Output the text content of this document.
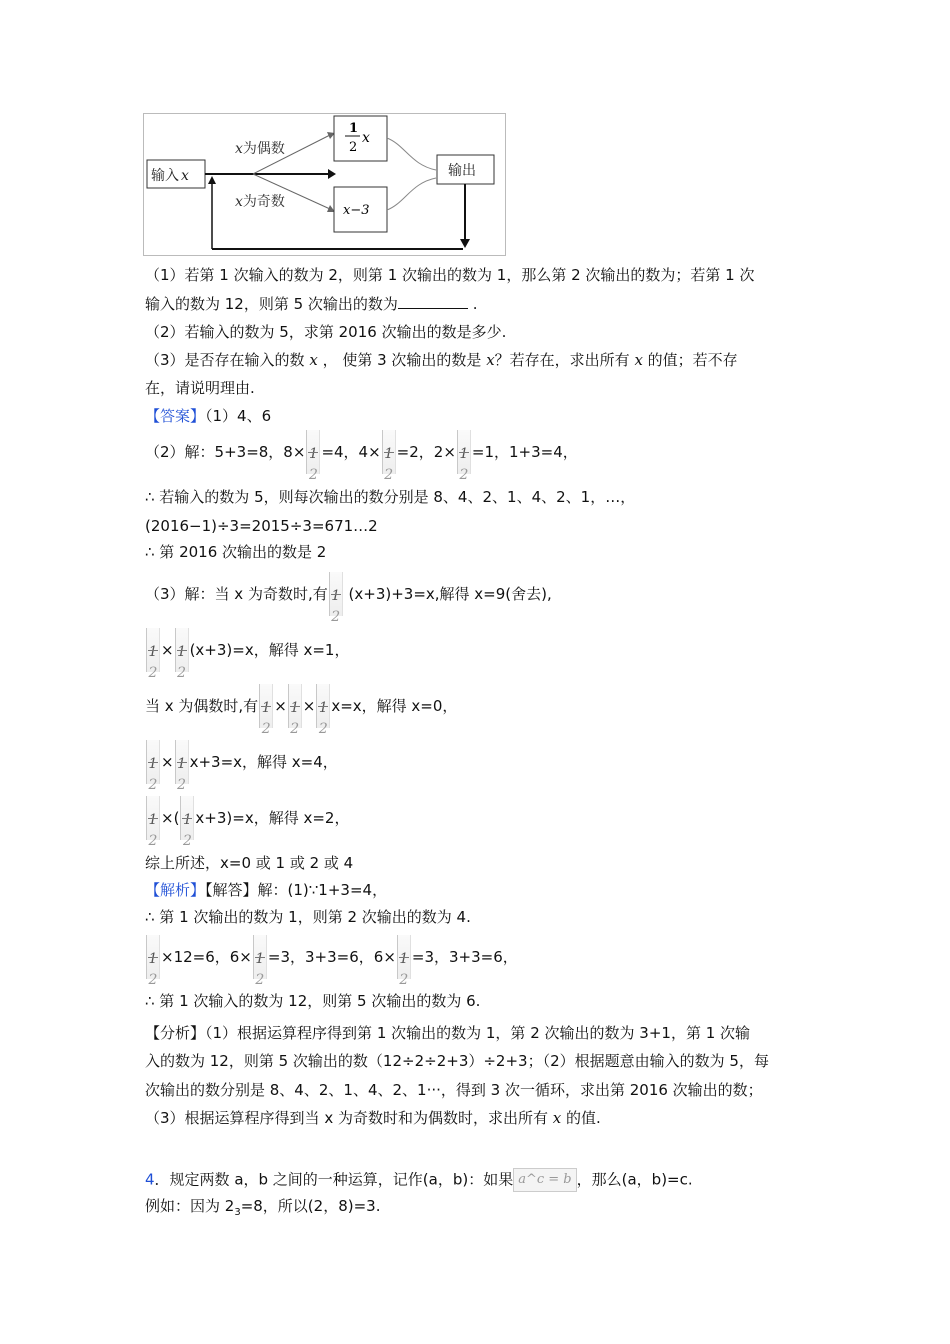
输入 x
x为偶数
x为奇数
1
2
x
x−3
输出
（1）若第 1 次输入的数为 2，则第 1 次输出的数为 1，那么第 2 次输出的数为；若第 1 次
输入的数为 12，则第 5 次输出的数为	.
（2）若输入的数为 5，求第 2016 次输出的数是多少.
（3）是否存在输入的数 x ， 使第 3 次输出的数是 x？若存在，求出所有 x 的值；若不存
在，请说明理由.
【答案】（1）4、6
（2）解：5+3=8，8× 1
2
=4，4× 1
2
=2，2× 1
2
=1，1+3=4，
∴ 若输入的数为 5，则每次输出的数分别是 8、4、2、1、4、2、1，…，
(2016−1)÷3=2015÷3=671…2
∴ 第 2016 次输出的数是 2
（3）解：当 x 为奇数时,有 1
2
(x+3)+3=x,解得 x=9(舍去),
1
2
× 1
2
(x+3)=x，解得 x=1，
当 x 为偶数时,有 1
2
× 1
2
× 1
2
x=x，解得 x=0，
1
2
× 1
2
x+3=x，解得 x=4，
1
2
×( 1
2
x+3)=x，解得 x=2，
综上所述，x=0 或 1 或 2 或 4
【解析】【解答】解：(1)∵1+3=4，
∴ 第 1 次输出的数为 1，则第 2 次输出的数为 4.
1
2
×12=6，6× 1
2
=3，3+3=6，6× 1
2
=3，3+3=6，
∴ 第 1 次输入的数为 12，则第 5 次输出的数为 6.
【分析】（1）根据运算程序得到第 1 次输出的数为 1，第 2 次输出的数为 3+1，第 1 次输
入的数为 12，则第 5 次输出的数（12÷2÷2+3）÷2+3；（2）根据题意由输入的数为 5，每
次输出的数分别是 8、4、2、1、4、2、1···，得到 3 次一循环，求出第 2016 次输出的数；
（3）根据运算程序得到当 x 为奇数时和为偶数时，求出所有 x 的值.
4．规定两数 a，b 之间的一种运算，记作(a，b)：如果 a^c = b ，那么(a，b)=c.
例如：因为 $2_3=8$，所以(2，8)=3.
